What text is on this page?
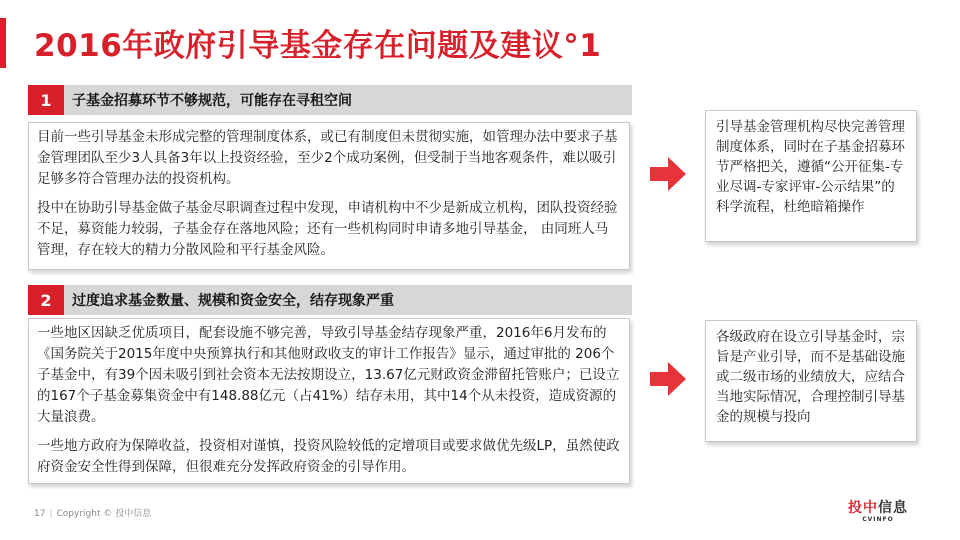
2016年政府引导基金存在问题及建议°1
1	子基金招募环节不够规范，可能存在寻租空间

目前一些引导基金未形成完整的管理制度体系，或已有制度但未贯彻实施，如管理办法中要求子基金管理团队至少3人具备3年以上投资经验，至少2个成功案例，但受制于当地客观条件，难以吸引足够多符合管理办法的投资机构。

投中在协助引导基金做子基金尽职调查过程中发现，申请机构中不少是新成立机构，团队投资经验不足，募资能力较弱，子基金存在落地风险；还有一些机构同时申请多地引导基金， 由同班人马管理，存在较大的精力分散风险和平行基金风险。

引导基金管理机构尽快完善管理制度体系，同时在子基金招募环节严格把关，遵循“公开征集-专业尽调-专家评审-公示结果”的科学流程，杜绝暗箱操作
2	过度追求基金数量、规模和资金安全，结存现象严重

一些地区因缺乏优质项目，配套设施不够完善，导致引导基金结存现象严重，2016年6月发布的《国务院关于2015年度中央预算执行和其他财政收支的审计工作报告》显示，通过审批的 206个子基金中，有39个因未吸引到社会资本无法按期设立，13.67亿元财政资金滞留托管账户；已设立的167个子基金募集资金中有148.88亿元（占41%）结存未用，其中14个从未投资，造成资源的大量浪费。

一些地方政府为保障收益，投资相对谨慎，投资风险较低的定增项目或要求做优先级LP，虽然使政府资金安全性得到保障，但很难充分发挥政府资金的引导作用。

各级政府在设立引导基金时，宗旨是产业引导，而不是基础设施或二级市场的业绩放大，应结合当地实际情况，合理控制引导基金的规模与投向
17 | Copyright © 投中信息	投中信息
CVINFO
